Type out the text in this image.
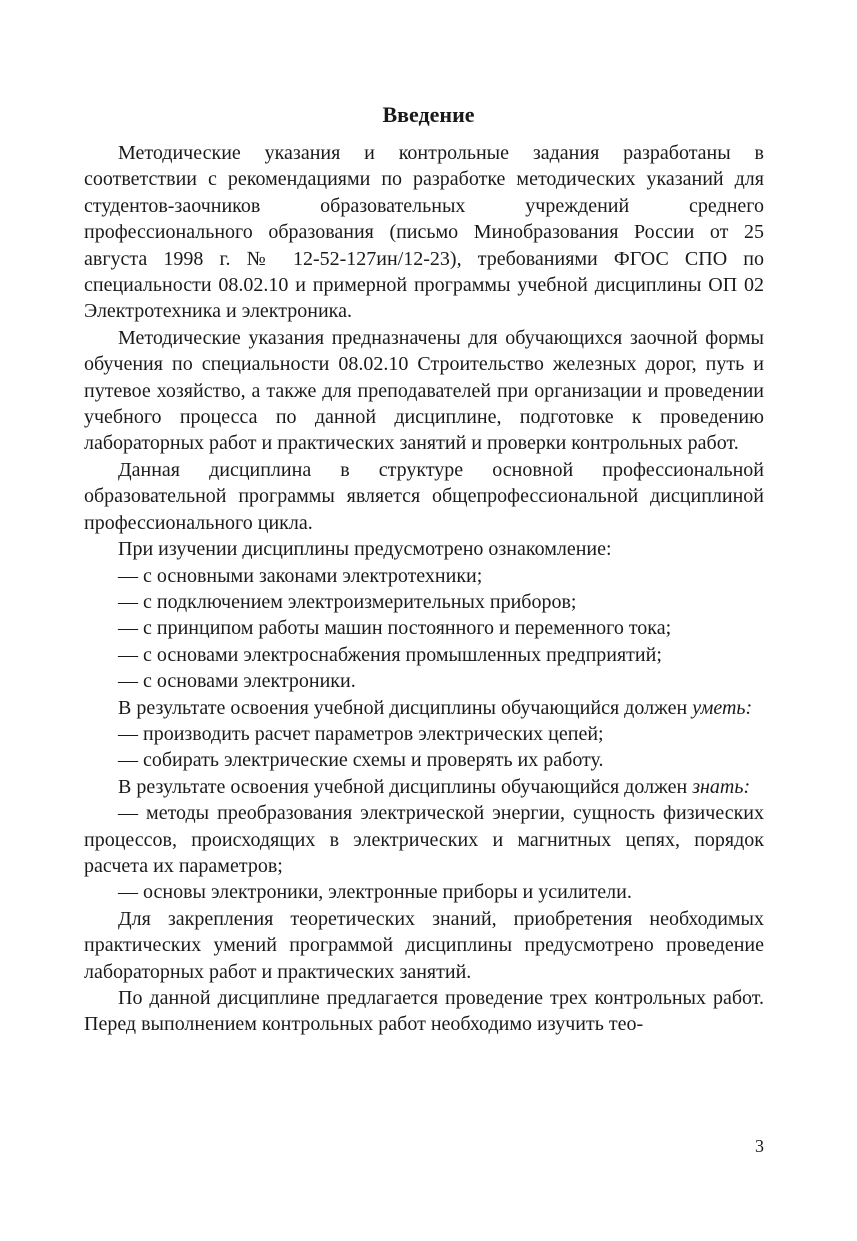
Введение

Методические указания и контрольные задания разработаны в соответствии с рекомендациями по разработке методических указаний для студентов-заочников образовательных учреждений среднего профессионального образования (письмо Минобразования России от 25 августа 1998 г. № 12-52-127ин/12-23), требованиями ФГОС СПО по специальности 08.02.10 и примерной программы учебной дисциплины ОП 02 Электротехника и электроника.

Методические указания предназначены для обучающихся заочной формы обучения по специальности 08.02.10 Строительство железных дорог, путь и путевое хозяйство, а также для преподавателей при организации и проведении учебного процесса по данной дисциплине, подготовке к проведению лабораторных работ и практических занятий и проверки контрольных работ.

Данная дисциплина в структуре основной профессиональной образовательной программы является общепрофессиональной дисциплиной профессионального цикла.

При изучении дисциплины предусмотрено ознакомление:

— с основными законами электротехники;

— с подключением электроизмерительных приборов;

— с принципом работы машин постоянного и переменного тока;

— с основами электроснабжения промышленных предприятий;

— с основами электроники.

В результате освоения учебной дисциплины обучающийся должен уметь:

— производить расчет параметров электрических цепей;

— собирать электрические схемы и проверять их работу.

В результате освоения учебной дисциплины обучающийся должен знать:

— методы преобразования электрической энергии, сущность физических процессов, происходящих в электрических и магнитных цепях, порядок расчета их параметров;

— основы электроники, электронные приборы и усилители.

Для закрепления теоретических знаний, приобретения необходимых практических умений программой дисциплины предусмотрено проведение лабораторных работ и практических занятий.

По данной дисциплине предлагается проведение трех контрольных работ. Перед выполнением контрольных работ необходимо изучить тео-

3
